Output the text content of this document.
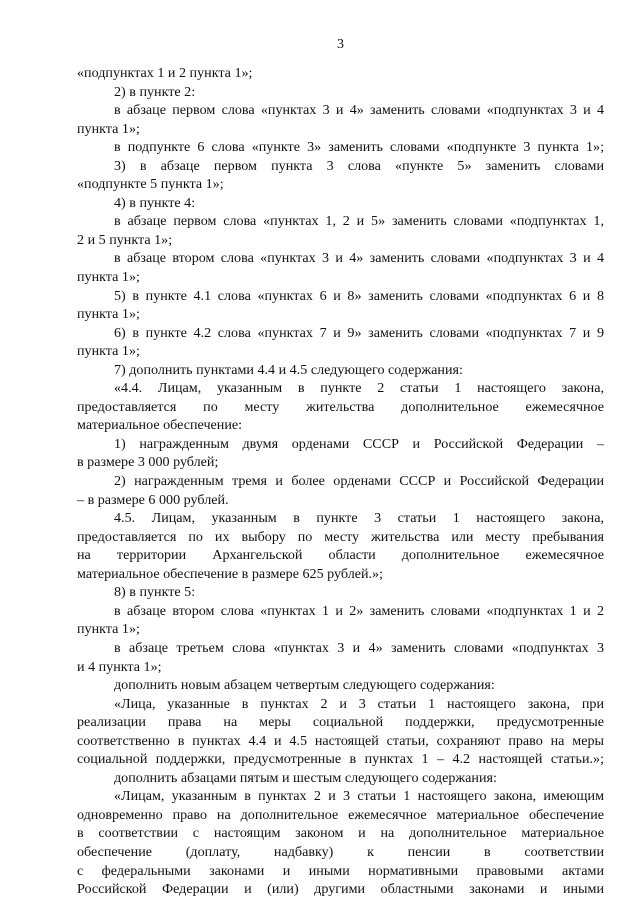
3
«подпунктах 1 и 2 пункта 1»;
2) в пункте 2:
в абзаце первом слова «пунктах 3 и 4» заменить словами «подпунктах 3 и 4
пункта 1»;
в подпункте 6 слова «пункте 3» заменить словами «подпункте 3 пункта 1»;
3) в абзаце первом пункта 3 слова «пункте 5» заменить словами
«подпункте 5 пункта 1»;
4) в пункте 4:
в абзаце первом слова «пунктах 1, 2 и 5» заменить словами «подпунктах 1,
2 и 5 пункта 1»;
в абзаце втором слова «пунктах 3 и 4» заменить словами «подпунктах 3 и 4
пункта 1»;
5) в пункте 4.1 слова «пунктах 6 и 8» заменить словами «подпунктах 6 и 8
пункта 1»;
6) в пункте 4.2 слова «пунктах 7 и 9» заменить словами «подпунктах 7 и 9
пункта 1»;
7) дополнить пунктами 4.4 и 4.5 следующего содержания:
«4.4. Лицам, указанным в пункте 2 статьи 1 настоящего закона,
предоставляется по месту жительства дополнительное ежемесячное
материальное обеспечение:
1) награжденным двумя орденами СССР и Российской Федерации –
в размере 3 000 рублей;
2) награжденным тремя и более орденами СССР и Российской Федерации
– в размере 6 000 рублей.
4.5. Лицам, указанным в пункте 3 статьи 1 настоящего закона,
предоставляется по их выбору по месту жительства или месту пребывания
на территории Архангельской области дополнительное ежемесячное
материальное обеспечение в размере 625 рублей.»;
8) в пункте 5:
в абзаце втором слова «пунктах 1 и 2» заменить словами «подпунктах 1 и 2
пункта 1»;
в абзаце третьем слова «пунктах 3 и 4» заменить словами «подпунктах 3
и 4 пункта 1»;
дополнить новым абзацем четвертым следующего содержания:
«Лица, указанные в пунктах 2 и 3 статьи 1 настоящего закона, при
реализации права на меры социальной поддержки, предусмотренные
соответственно в пунктах 4.4 и 4.5 настоящей статьи, сохраняют право на меры
социальной поддержки, предусмотренные в пунктах 1 – 4.2 настоящей статьи.»;
дополнить абзацами пятым и шестым следующего содержания:
«Лицам, указанным в пунктах 2 и 3 статьи 1 настоящего закона, имеющим
одновременно право на дополнительное ежемесячное материальное обеспечение
в соответствии с настоящим законом и на дополнительное материальное
обеспечение (доплату, надбавку) к пенсии в соответствии
с федеральными законами и иными нормативными правовыми актами
Российской Федерации и (или) другими областными законами и иными
